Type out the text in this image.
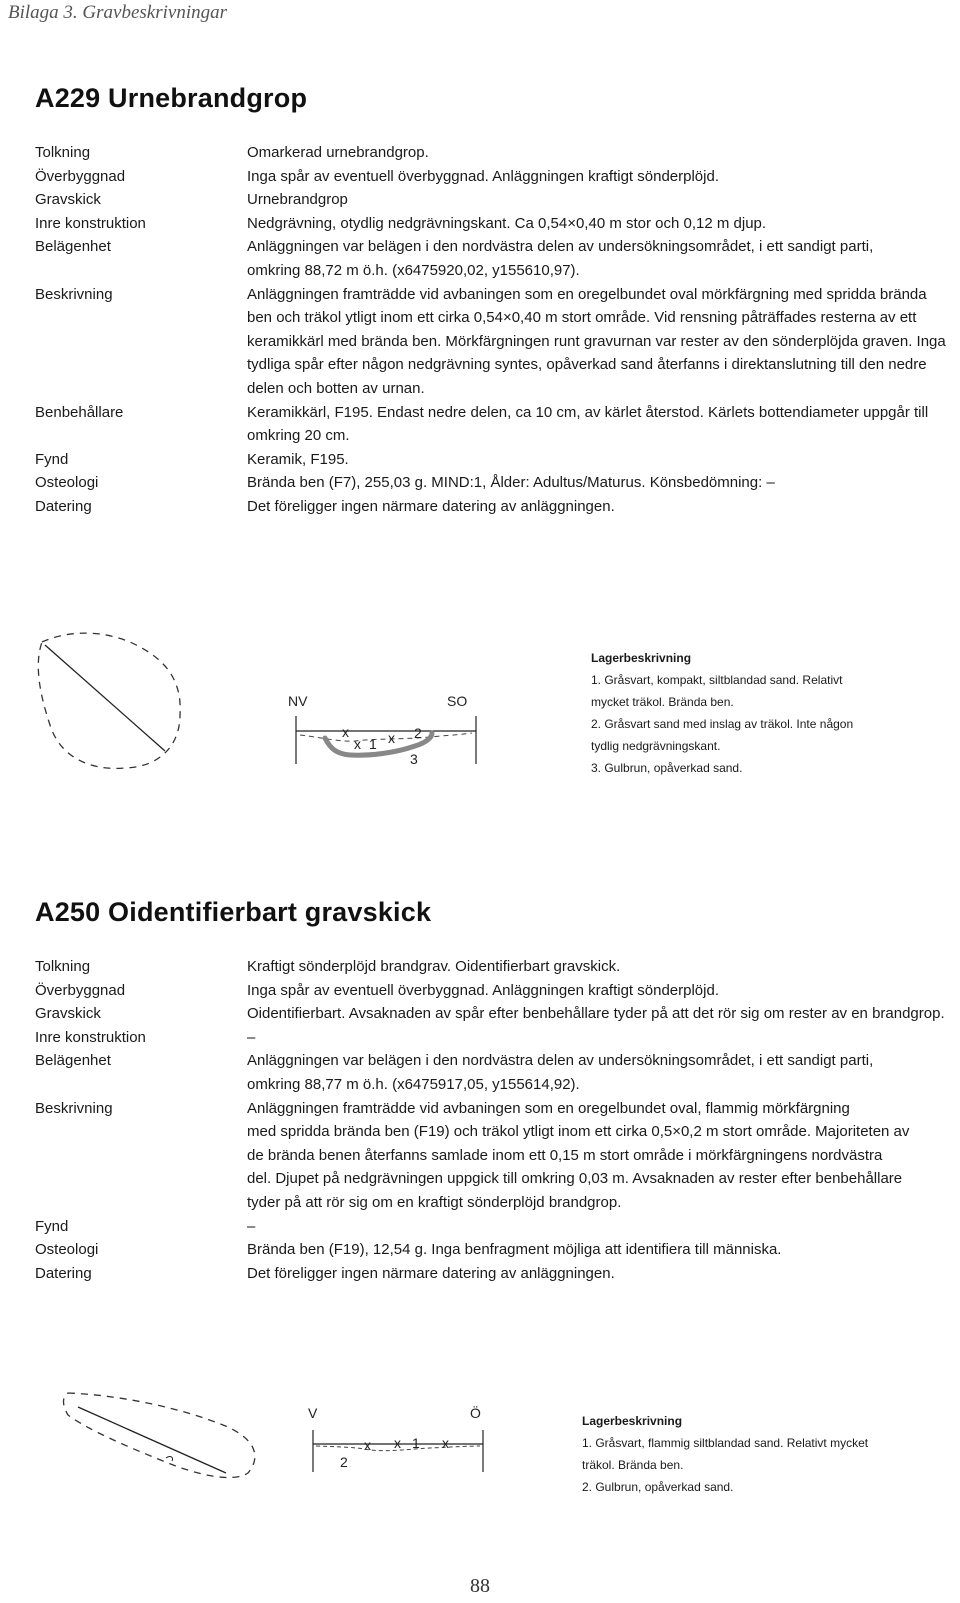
Bilaga 3. Gravbeskrivningar
A229 Urnebrandgrop
Tolkning	Omarkerad urnebrandgrop.
Överbyggnad	Inga spår av eventuell överbyggnad. Anläggningen kraftigt sönderplöjd.
Gravskick	Urnebrandgrop
Inre konstruktion	Nedgrävning, otydlig nedgrävningskant. Ca 0,54×0,40 m stor och 0,12 m djup.
Belägenhet	Anläggningen var belägen i den nordvästra delen av undersökningsområdet, i ett sandigt parti,
omkring 88,72 m ö.h. (x6475920,02, y155610,97).
Beskrivning	Anläggningen framträdde vid avbaningen som en oregelbundet oval mörkfärgning med spridda brända
ben och träkol ytligt inom ett cirka 0,54×0,40 m stort område. Vid rensning påträffades resterna av ett
keramikkärl med brända ben. Mörkfärgningen runt gravurnan var rester av den sönderplöjda graven. Inga
tydliga spår efter någon nedgrävning syntes, opåverkad sand återfanns i direktanslutning till den nedre
delen och botten av urnan.
Benbehållare	Keramikkärl, F195. Endast nedre delen, ca 10 cm, av kärlet återstod. Kärlets bottendiameter uppgår till
omkring 20 cm.
Fynd	Keramik, F195.
Osteologi	Brända ben (F7), 255,03 g. MIND:1, Ålder: Adultus/Maturus. Könsbedömning: –
Datering	Det föreligger ingen närmare datering av anläggningen.
NV	SO
x
x x
1
2
3
Lagerbeskrivning
1. Gråsvart, kompakt, siltblandad sand. Relativt
mycket träkol. Brända ben.
2. Gråsvart sand med inslag av träkol. Inte någon
tydlig nedgrävningskant.
3. Gulbrun, opåverkad sand.
A250 Oidentifierbart gravskick
Tolkning	Kraftigt sönderplöjd brandgrav. Oidentifierbart gravskick.
Överbyggnad	Inga spår av eventuell överbyggnad. Anläggningen kraftigt sönderplöjd.
Gravskick	Oidentifierbart. Avsaknaden av spår efter benbehållare tyder på att det rör sig om rester av en brandgrop.
Inre konstruktion	–
Belägenhet	Anläggningen var belägen i den nordvästra delen av undersökningsområdet, i ett sandigt parti,
omkring 88,77 m ö.h. (x6475917,05, y155614,92).
Beskrivning	Anläggningen framträdde vid avbaningen som en oregelbundet oval, flammig mörkfärgning
med spridda brända ben (F19) och träkol ytligt inom ett cirka 0,5×0,2 m stort område. Majoriteten av
de brända benen återfanns samlade inom ett 0,15 m stort område i mörkfärgningens nordvästra
del. Djupet på nedgrävningen uppgick till omkring 0,03 m. Avsaknaden av rester efter benbehållare
tyder på att rör sig om en kraftigt sönderplöjd brandgrop.
Fynd	–
Osteologi	Brända ben (F19), 12,54 g. Inga benfragment möjliga att identifiera till människa.
Datering	Det föreligger ingen närmare datering av anläggningen.
V	Ö
x x 1 x
2
Lagerbeskrivning
1. Gråsvart, flammig siltblandad sand. Relativt mycket
träkol. Brända ben.
2. Gulbrun, opåverkad sand.
88
